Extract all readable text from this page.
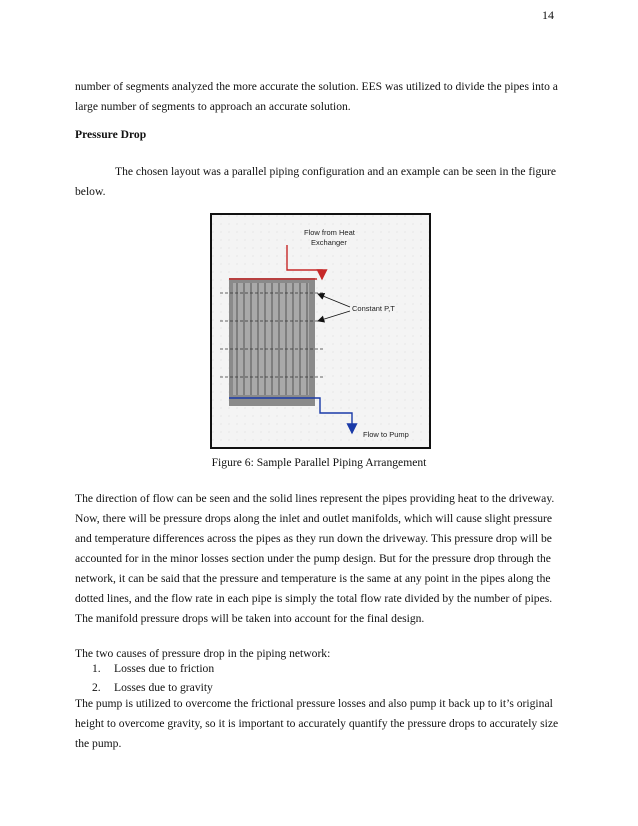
14
number of segments analyzed the more accurate the solution. EES was utilized to divide the pipes into a large number of segments to approach an accurate solution.
Pressure Drop
The chosen layout was a parallel piping configuration and an example can be seen in the figure below.
Flow from Heat
Exchanger
Constant P,T
Flow to Pump
Figure 6: Sample Parallel Piping Arrangement
The direction of flow can be seen and the solid lines represent the pipes providing heat to the driveway. Now, there will be pressure drops along the inlet and outlet manifolds, which will cause slight pressure and temperature differences across the pipes as they run down the driveway. This pressure drop will be accounted for in the minor losses section under the pump design. But for the pressure drop through the network, it can be said that the pressure and temperature is the same at any point in the pipes along the dotted lines, and the flow rate in each pipe is simply the total flow rate divided by the number of pipes. The manifold pressure drops will be taken into account for the final design.
The two causes of pressure drop in the piping network:
1. Losses due to friction
2. Losses due to gravity
The pump is utilized to overcome the frictional pressure losses and also pump it back up to it’s original height to overcome gravity, so it is important to accurately quantify the pressure drops to accurately size the pump.
